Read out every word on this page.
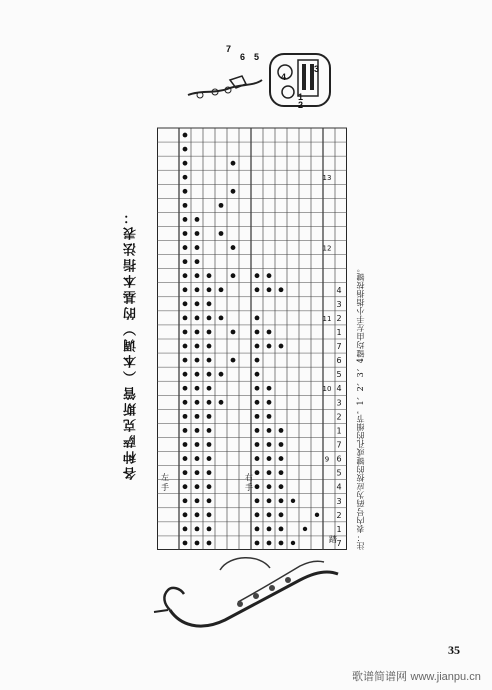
7
6 5
4
1
2
3
各种萨克斯管（本调）的基本指法表：
7
1
2
3
4
5
6
7
1
2
3
4
5
6
7
1
2
3
4
9
10
11
12
13
左
手
右
手
踏 注：表内号码为应按的键或孔的细节，1、2、3、4键均由左手小指指按键。
35
歌谱简谱网 www.jianpu.cn
